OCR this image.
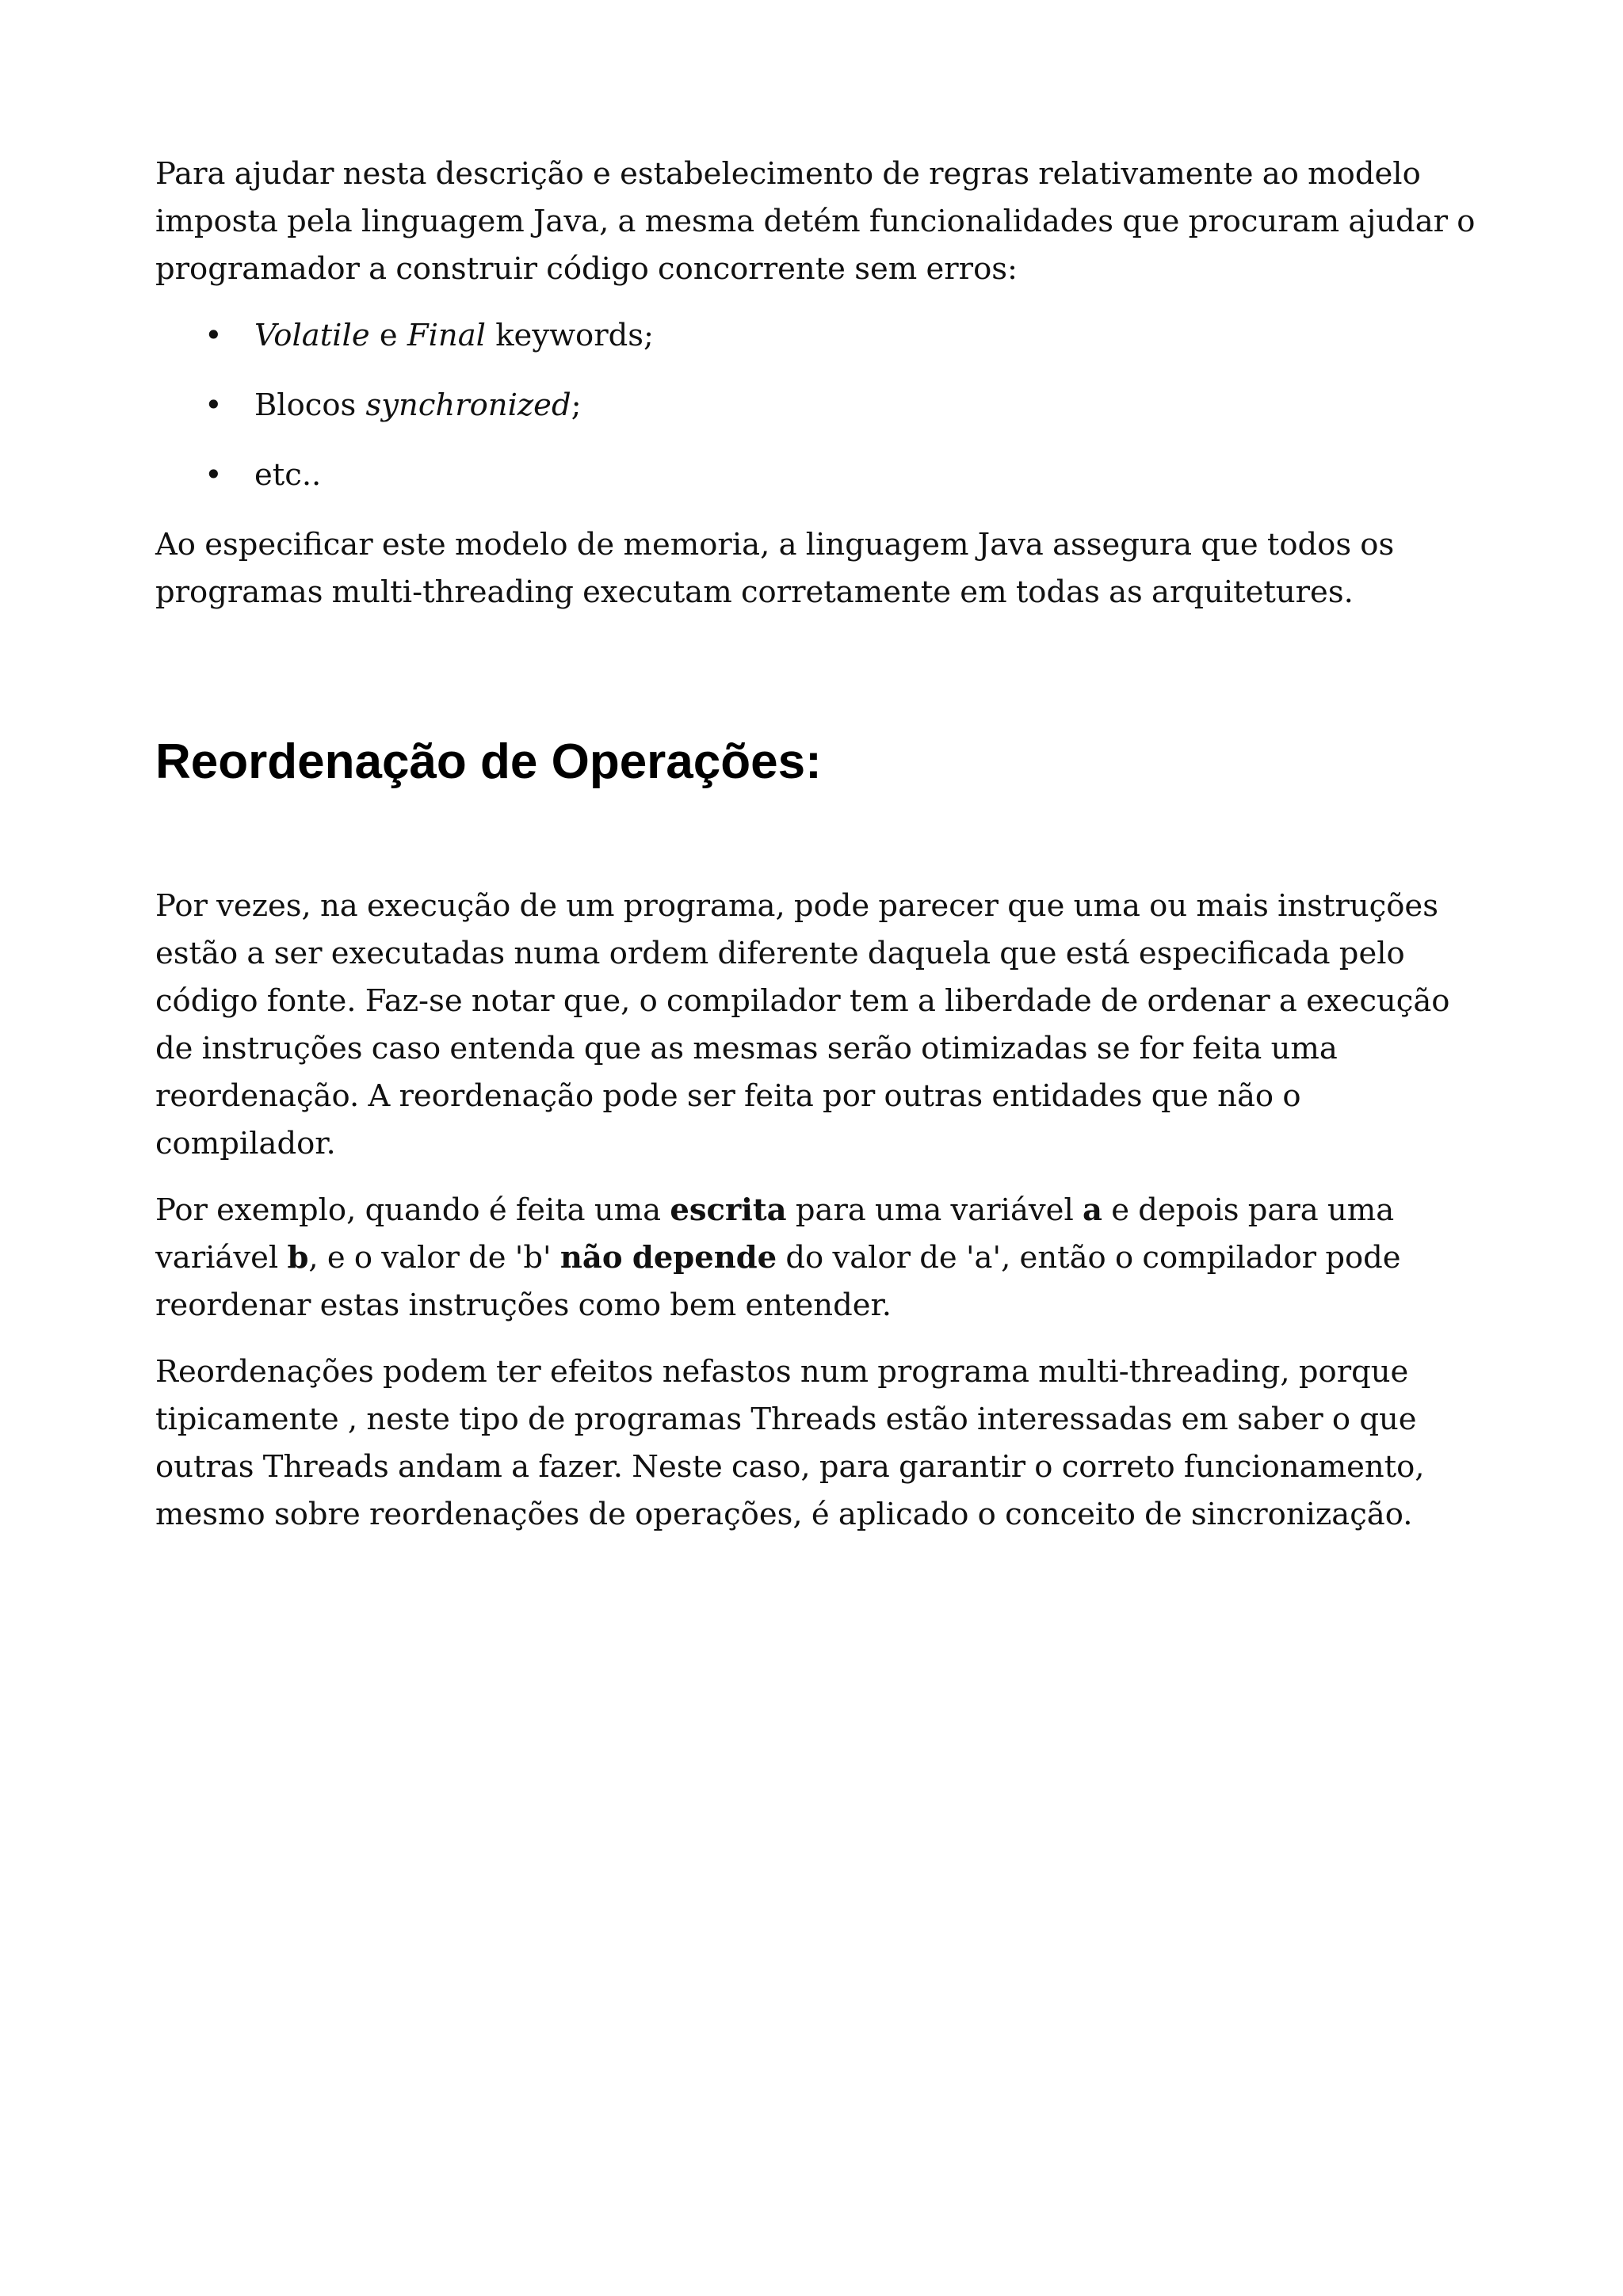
Para ajudar nesta descrição e estabelecimento de regras relativamente ao modelo imposta pela linguagem Java, a mesma detém funcionalidades que procuram ajudar o programador a construir código concorrente sem erros:

• Volatile e Final keywords;
• Blocos synchronized;
• etc..

Ao especificar este modelo de memoria, a linguagem Java assegura que todos os programas multi-threading executam corretamente em todas as arquitetures.

Reordenação de Operações:

Por vezes, na execução de um programa, pode parecer que uma ou mais instruções estão a ser executadas numa ordem diferente daquela que está especificada pelo código fonte. Faz-se notar que, o compilador tem a liberdade de ordenar a execução de instruções caso entenda que as mesmas serão otimizadas se for feita uma reordenação. A reordenação pode ser feita por outras entidades que não o compilador.

Por exemplo, quando é feita uma escrita para uma variável a e depois para uma variável b, e o valor de 'b' não depende do valor de 'a', então o compilador pode reordenar estas instruções como bem entender.

Reordenações podem ter efeitos nefastos num programa multi-threading, porque tipicamente , neste tipo de programas Threads estão interessadas em saber o que outras Threads andam a fazer. Neste caso, para garantir o correto funcionamento, mesmo sobre reordenações de operações, é aplicado o conceito de sincronização.
